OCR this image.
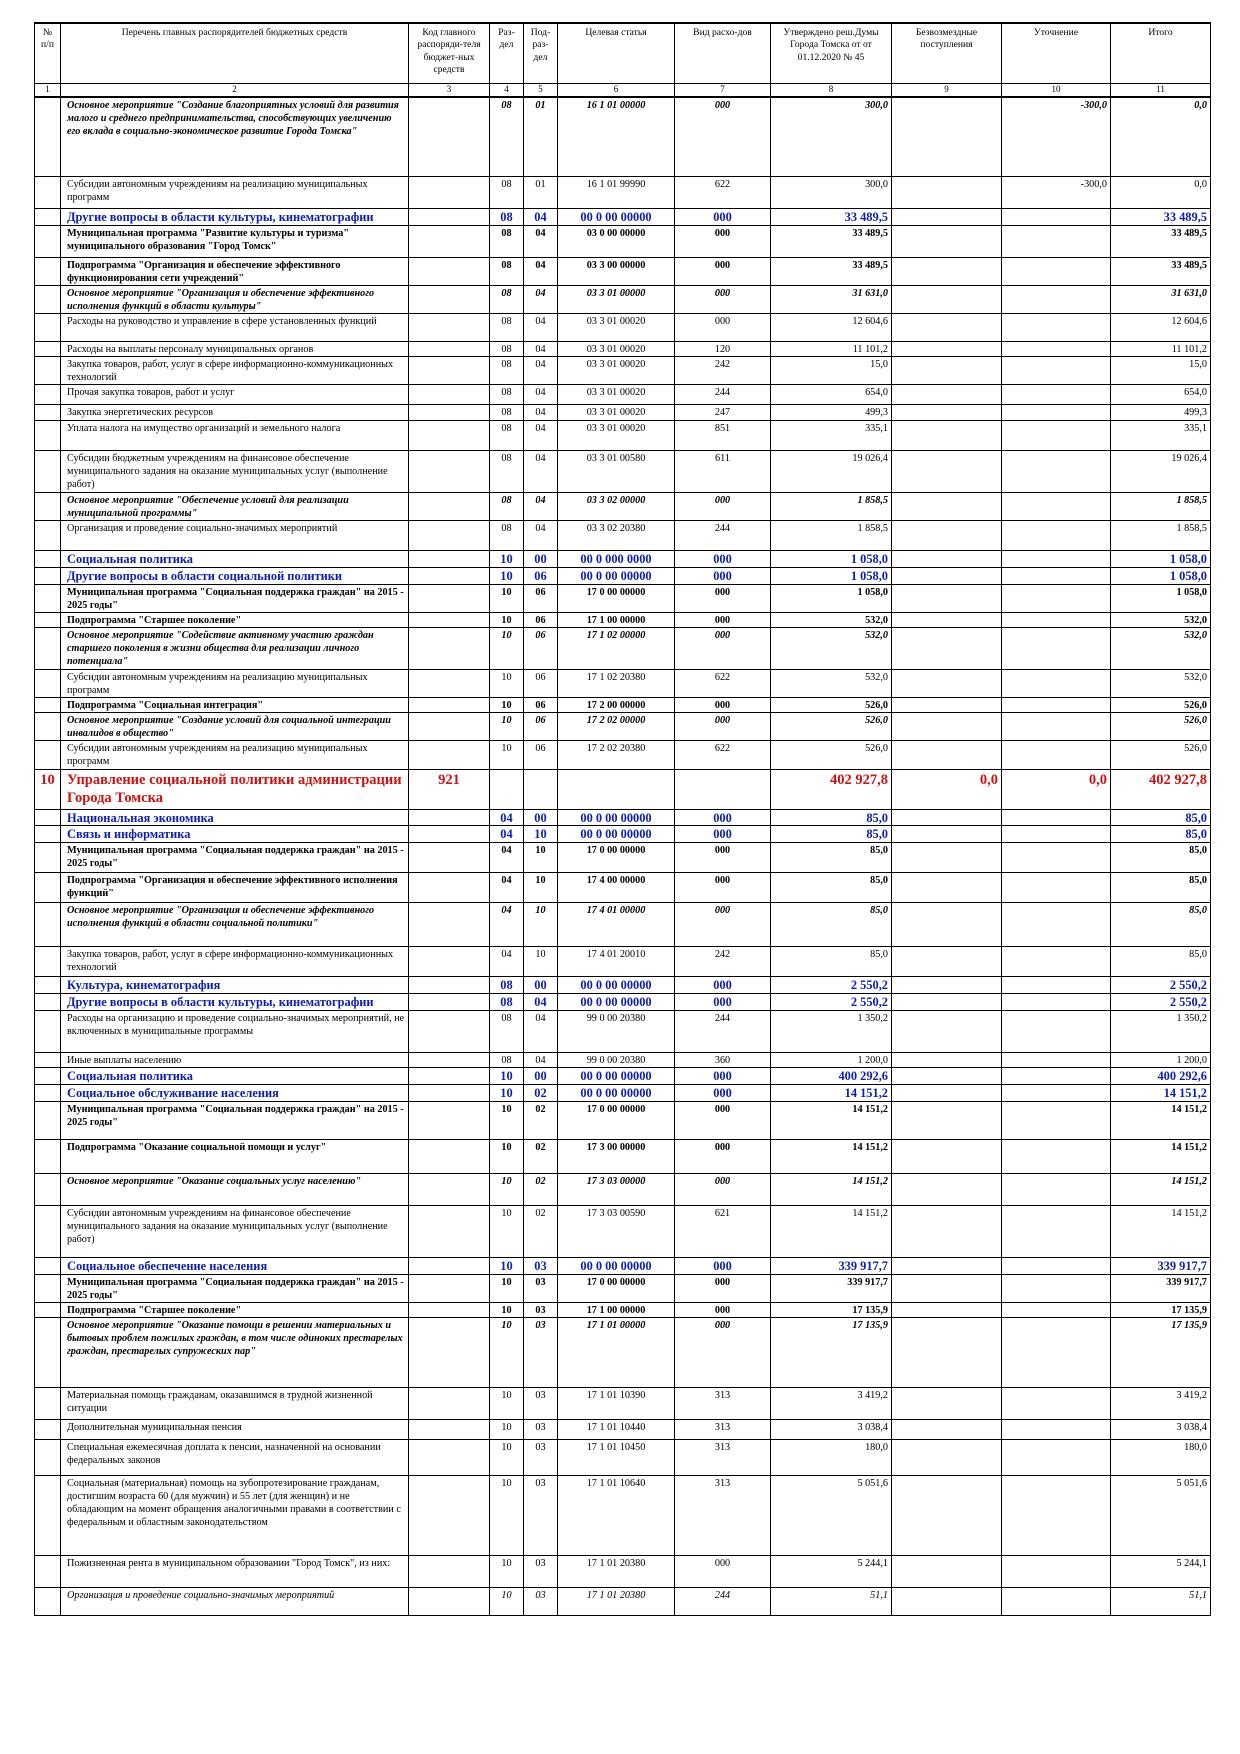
№ п/п	Перечень главных распорядителей бюджетных средств	Код главного распоряди-теля бюджет-ных средств	Раз-дел	Под-раз-дел	Целевая статья	Вид расхо-дов	Утверждено реш.Думы Города Томска от от 01.12.2020 № 45	Безвозмездные поступления	Уточнение	Итого
1	2	3	4	5	6	7	8	9	10	11
	Основное мероприятие "Создание благоприятных условий для развития малого и среднего предпринимательства, способствующих увеличению его вклада в социально-экономическое развитие Города Томска"		08	01	16 1 01 00000	000	300,0		-300,0	0,0
	Субсидии автономным учреждениям на реализацию муниципальных программ		08	01	16 1 01 99990	622	300,0		-300,0	0,0
	Другие вопросы в области культуры, кинематографии		08	04	00 0 00 00000	000	33 489,5			33 489,5
	Муниципальная программа "Развитие культуры и туризма" муниципального образования "Город Томск"		08	04	03 0 00 00000	000	33 489,5			33 489,5
	Подпрограмма "Организация и обеспечение эффективного функционирования сети учреждений"		08	04	03 3 00 00000	000	33 489,5			33 489,5
	Основное мероприятие "Организация и обеспечение эффективного исполнения функций в области культуры"		08	04	03 3 01 00000	000	31 631,0			31 631,0
	Расходы на руководство и управление в сфере установленных функций		08	04	03 3 01 00020	000	12 604,6			12 604,6
	Расходы на выплаты персоналу муниципальных органов		08	04	03 3 01 00020	120	11 101,2			11 101,2
	Закупка товаров, работ, услуг в сфере информационно-коммуникационных технологий		08	04	03 3 01 00020	242	15,0			15,0
	Прочая закупка товаров, работ и услуг		08	04	03 3 01 00020	244	654,0			654,0
	Закупка энергетических ресурсов		08	04	03 3 01 00020	247	499,3			499,3
	Уплата налога на имущество организаций и земельного налога		08	04	03 3 01 00020	851	335,1			335,1
	Субсидии бюджетным учреждениям на финансовое обеспечение муниципального задания на оказание муниципальных услуг (выполнение работ)		08	04	03 3 01 00580	611	19 026,4			19 026,4
	Основное мероприятие "Обеспечение условий для реализации муниципальной программы"		08	04	03 3 02 00000	000	1 858,5			1 858,5
	Организация и проведение социально-значимых мероприятий		08	04	03 3 02 20380	244	1 858,5			1 858,5
	Социальная политика		10	00	00 0 000 0000	000	1 058,0			1 058,0
	Другие вопросы в области социальной политики		10	06	00 0 00 00000	000	1 058,0			1 058,0
	Муниципальная программа "Социальная поддержка граждан" на 2015 - 2025 годы"		10	06	17 0 00 00000	000	1 058,0			1 058,0
	Подпрограмма "Старшее поколение"		10	06	17 1 00 00000	000	532,0			532,0
	Основное мероприятие "Содействие активному участию граждан старшего поколения в жизни общества для реализации личного потенциала"		10	06	17 1 02 00000	000	532,0			532,0
	Субсидии автономным учреждениям на реализацию муниципальных программ		10	06	17 1 02 20380	622	532,0			532,0
	Подпрограмма "Социальная интеграция"		10	06	17 2 00 00000	000	526,0			526,0
	Основное мероприятие "Создание условий для социальной интеграции инвалидов в общество"		10	06	17 2 02 00000	000	526,0			526,0
	Субсидии автономным учреждениям на реализацию муниципальных программ		10	06	17 2 02 20380	622	526,0			526,0
10	Управление социальной политики администрации Города Томска	921					402 927,8	0,0	0,0	402 927,8
	Национальная экономика		04	00	00 0 00 00000	000	85,0			85,0
	Связь и информатика		04	10	00 0 00 00000	000	85,0			85,0
	Муниципальная программа "Социальная поддержка граждан" на 2015 - 2025 годы"		04	10	17 0 00 00000	000	85,0			85,0
	Подпрограмма "Организация и обеспечение эффективного исполнения функций"		04	10	17 4 00 00000	000	85,0			85,0
	Основное мероприятие "Организация и обеспечение эффективного исполнения функций в области социальной политики"		04	10	17 4 01 00000	000	85,0			85,0
	Закупка товаров, работ, услуг в сфере информационно-коммуникационных технологий		04	10	17 4 01 20010	242	85,0			85,0
	Культура, кинематография		08	00	00 0 00 00000	000	2 550,2			2 550,2
	Другие вопросы в области культуры, кинематографии		08	04	00 0 00 00000	000	2 550,2			2 550,2
	Расходы на организацию и проведение социально-значимых мероприятий, не включенных в муниципальные программы		08	04	99 0 00 20380	244	1 350,2			1 350,2
	Иные выплаты населению		08	04	99 0 00 20380	360	1 200,0			1 200,0
	Социальная политика		10	00	00 0 00 00000	000	400 292,6			400 292,6
	Социальное обслуживание населения		10	02	00 0 00 00000	000	14 151,2			14 151,2
	Муниципальная программа "Социальная поддержка граждан" на 2015 - 2025 годы"		10	02	17 0 00 00000	000	14 151,2			14 151,2
	Подпрограмма "Оказание социальной помощи и услуг"		10	02	17 3 00 00000	000	14 151,2			14 151,2
	Основное мероприятие "Оказание социальных услуг населению"		10	02	17 3 03 00000	000	14 151,2			14 151,2
	Субсидии автономным учреждениям на финансовое обеспечение муниципального задания на оказание муниципальных услуг (выполнение работ)		10	02	17 3 03 00590	621	14 151,2			14 151,2
	Социальное обеспечение населения		10	03	00 0 00 00000	000	339 917,7			339 917,7
	Муниципальная программа "Социальная поддержка граждан" на 2015 - 2025 годы"		10	03	17 0 00 00000	000	339 917,7			339 917,7
	Подпрограмма "Старшее поколение"		10	03	17 1 00 00000	000	17 135,9			17 135,9
	Основное мероприятие "Оказание помощи в решении материальных и бытовых проблем пожилых граждан, в том числе одиноких престарелых граждан, престарелых супружеских пар"		10	03	17 1 01 00000	000	17 135,9			17 135,9
	Материальная помощь гражданам, оказавшимся в трудной жизненной ситуации		10	03	17 1 01 10390	313	3 419,2			3 419,2
	Дополнительная муниципальная пенсия		10	03	17 1 01 10440	313	3 038,4			3 038,4
	Специальная ежемесячная доплата к пенсии, назначенной на основании федеральных законов		10	03	17 1 01 10450	313	180,0			180,0
	Социальная (материальная) помощь на зубопротезирование гражданам, достигшим возраста 60 (для мужчин) и 55 лет (для женщин) и не обладающим на момент обращения аналогичными правами в соответствии с федеральным и областным законодательством		10	03	17 1 01 10640	313	5 051,6			5 051,6
	Пожизненная рента в муниципальном образовании "Город Томск", из них:		10	03	17 1 01 20380	000	5 244,1			5 244,1
	Организация и проведение социально-значимых мероприятий		10	03	17 1 01 20380	244	51,1			51,1
